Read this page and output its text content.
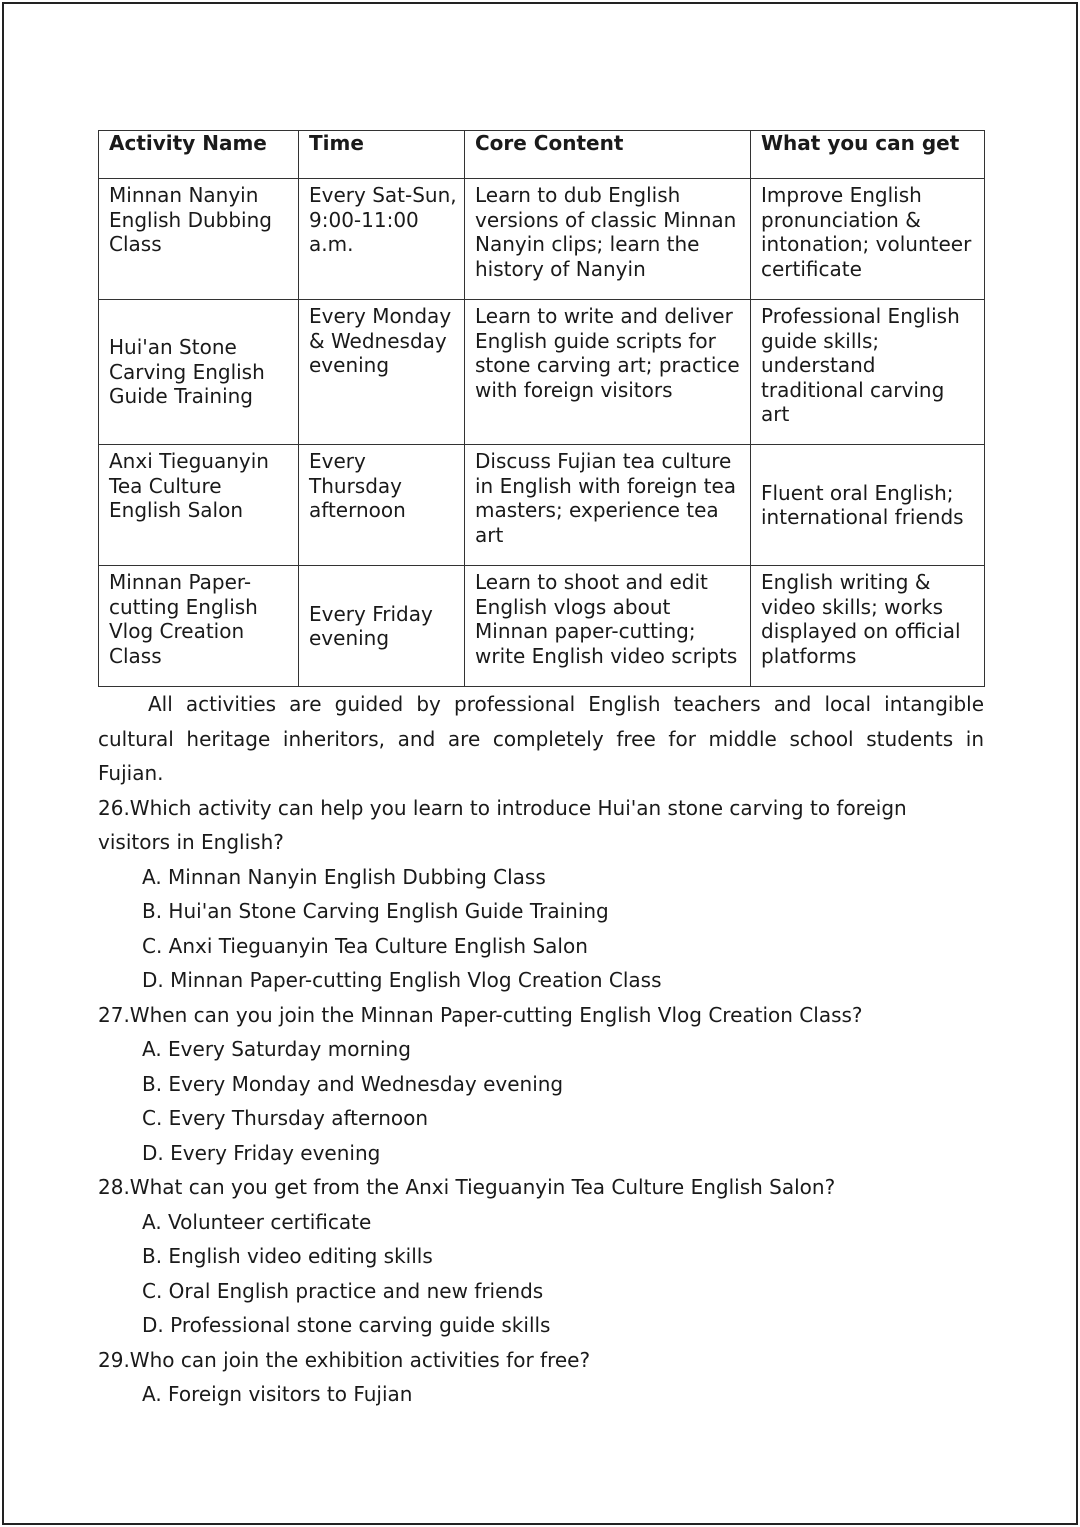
Activity Name	Time	Core Content	What you can get
Minnan Nanyin English Dubbing Class	Every Sat-Sun, 9:00-11:00 a.m.	Learn to dub English versions of classic Minnan Nanyin clips; learn the history of Nanyin	Improve English pronunciation & intonation; volunteer certificate
Hui'an Stone Carving English Guide Training	Every Monday & Wednesday evening	Learn to write and deliver English guide scripts for stone carving art; practice with foreign visitors	Professional English guide skills; understand traditional carving art
Anxi Tieguanyin Tea Culture English Salon	Every Thursday afternoon	Discuss Fujian tea culture in English with foreign tea masters; experience tea art	Fluent oral English; international friends
Minnan Paper-cutting English Vlog Creation Class	Every Friday evening	Learn to shoot and edit English vlogs about Minnan paper-cutting; write English video scripts	English writing & video skills; works displayed on official platforms

All activities are guided by professional English teachers and local intangible cultural heritage inheritors, and are completely free for middle school students in Fujian.

26.Which activity can help you learn to introduce Hui'an stone carving to foreign visitors in English?

A. Minnan Nanyin English Dubbing Class

B. Hui'an Stone Carving English Guide Training

C. Anxi Tieguanyin Tea Culture English Salon

D. Minnan Paper-cutting English Vlog Creation Class

27.When can you join the Minnan Paper-cutting English Vlog Creation Class?

A. Every Saturday morning

B. Every Monday and Wednesday evening

C. Every Thursday afternoon

D. Every Friday evening

28.What can you get from the Anxi Tieguanyin Tea Culture English Salon?

A. Volunteer certificate

B. English video editing skills

C. Oral English practice and new friends

D. Professional stone carving guide skills

29.Who can join the exhibition activities for free?

A. Foreign visitors to Fujian
